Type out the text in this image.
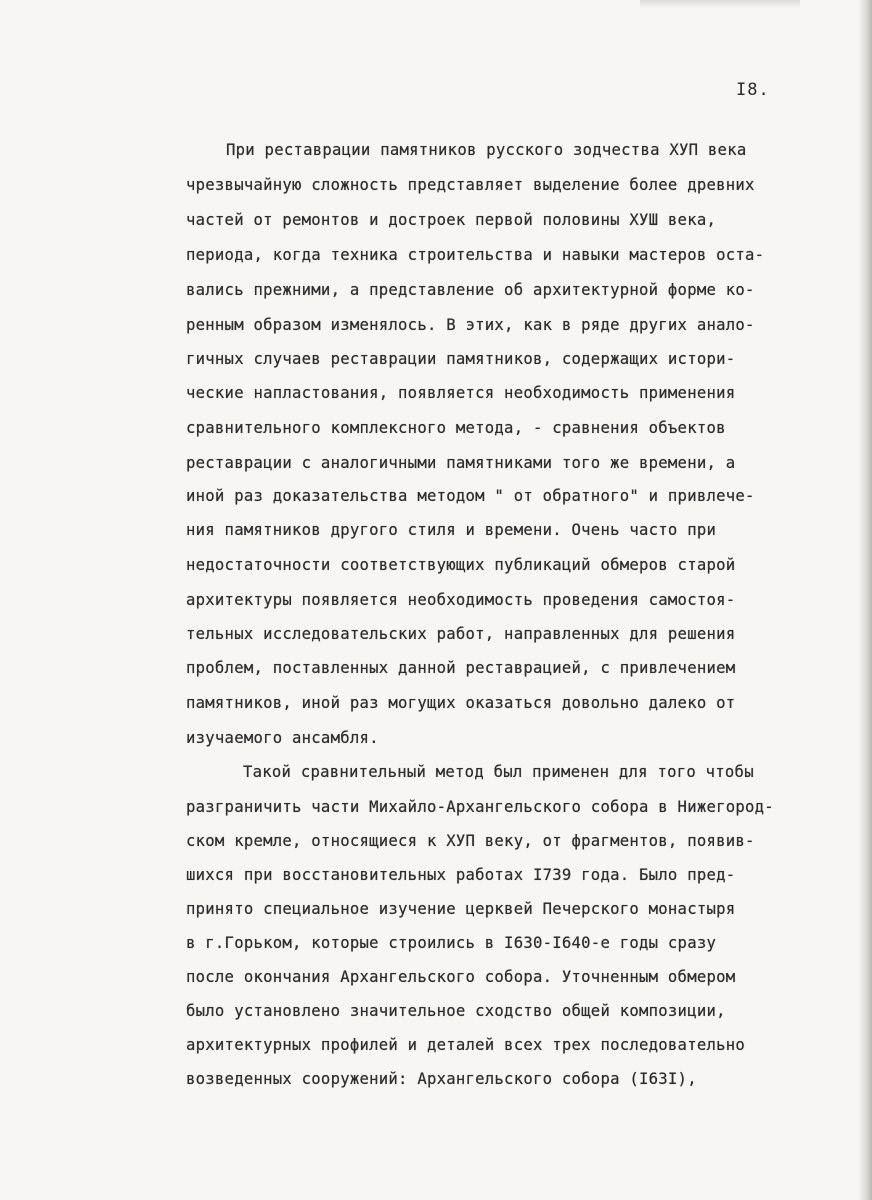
I8.
При реставрации памятников русского зодчества ХУП века
чрезвычайную сложность представляет выделение более древних
частей от ремонтов и достроек первой половины ХУШ века,
периода, когда техника строительства и навыки мастеров оста-
вались прежними, а представление об архитектурной форме ко-
ренным образом изменялось. В этих, как в ряде других анало-
гичных случаев реставрации памятников, содержащих истори-
ческие напластования, появляется необходимость применения
сравнительного комплексного метода, - сравнения объектов
реставрации с аналогичными памятниками того же времени, а
иной раз доказательства методом " от обратного" и привлече-
ния памятников другого стиля и времени. Очень часто при
недостаточности соответствующих публикаций обмеров старой
архитектуры появляется необходимость проведения самостоя-
тельных исследовательских работ, направленных для решения
проблем, поставленных данной реставрацией, с привлечением
памятников, иной раз могущих оказаться довольно далеко от
изучаемого ансамбля.
Такой сравнительный метод был применен для того чтобы
разграничить части Михайло-Архангельского собора в Нижегород-
ском кремле, относящиеся к ХУП веку, от фрагментов, появив-
шихся при восстановительных работах I739 года. Было пред-
принято специальное изучение церквей Печерского монастыря
в г.Горьком, которые строились в I630-I640-е годы сразу
после окончания Архангельского собора. Уточненным обмером
было установлено значительное сходство общей композиции,
архитектурных профилей и деталей всех трех последовательно
возведенных сооружений: Архангельского собора (I63I),
